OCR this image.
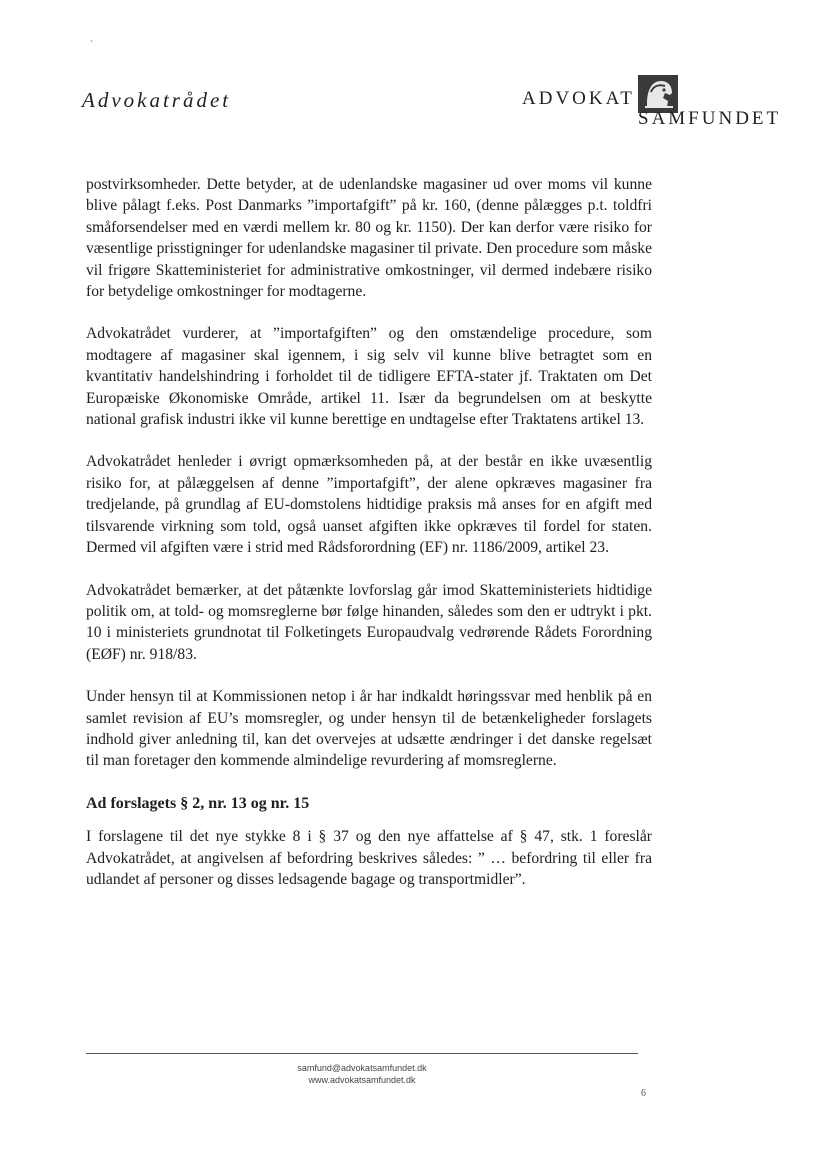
`
Advokatrådet	ADVOKAT
SAMFUNDET

postvirksomheder. Dette betyder, at de udenlandske magasiner ud over moms vil kunne blive pålagt f.eks. Post Danmarks ”importafgift” på kr. 160, (denne pålægges p.t. toldfri småforsendelser med en værdi mellem kr. 80 og kr. 1150). Der kan derfor være risiko for væsentlige prisstigninger for udenlandske magasiner til private. Den procedure som måske vil frigøre Skatteministeriet for administrative omkostninger, vil dermed indebære risiko for betydelige omkostninger for modtagerne.

Advokatrådet vurderer, at ”importafgiften” og den omstændelige procedure, som modtagere af magasiner skal igennem, i sig selv vil kunne blive betragtet som en kvantitativ handelshindring i forholdet til de tidligere EFTA-stater jf. Traktaten om Det Europæiske Økonomiske Område, artikel 11. Især da begrundelsen om at beskytte national grafisk industri ikke vil kunne berettige en undtagelse efter Traktatens artikel 13.

Advokatrådet henleder i øvrigt opmærksomheden på, at der består en ikke uvæsentlig risiko for, at pålæggelsen af denne ”importafgift”, der alene opkræves magasiner fra tredjelande, på grundlag af EU-domstolens hidtidige praksis må anses for en afgift med tilsvarende virkning som told, også uanset afgiften ikke opkræves til fordel for staten. Dermed vil afgiften være i strid med Rådsforordning (EF) nr. 1186/2009, artikel 23.

Advokatrådet bemærker, at det påtænkte lovforslag går imod Skatteministeriets hidtidige politik om, at told- og momsreglerne bør følge hinanden, således som den er udtrykt i pkt. 10 i ministeriets grundnotat til Folketingets Europaudvalg vedrørende Rådets Forordning (EØF) nr. 918/83.

Under hensyn til at Kommissionen netop i år har indkaldt høringssvar med henblik på en samlet revision af EU’s momsregler, og under hensyn til de betænkeligheder forslagets indhold giver anledning til, kan det overvejes at udsætte ændringer i det danske regelsæt til man foretager den kommende almindelige revurdering af momsreglerne.

Ad forslagets § 2, nr. 13 og nr. 15

I forslagene til det nye stykke 8 i § 37 og den nye affattelse af § 47, stk. 1 foreslår Advokatrådet, at angivelsen af befordring beskrives således: ” … befordring til eller fra udlandet af personer og disses ledsagende bagage og transportmidler”.

samfund@advokatsamfundet.dk
www.advokatsamfundet.dk
6
